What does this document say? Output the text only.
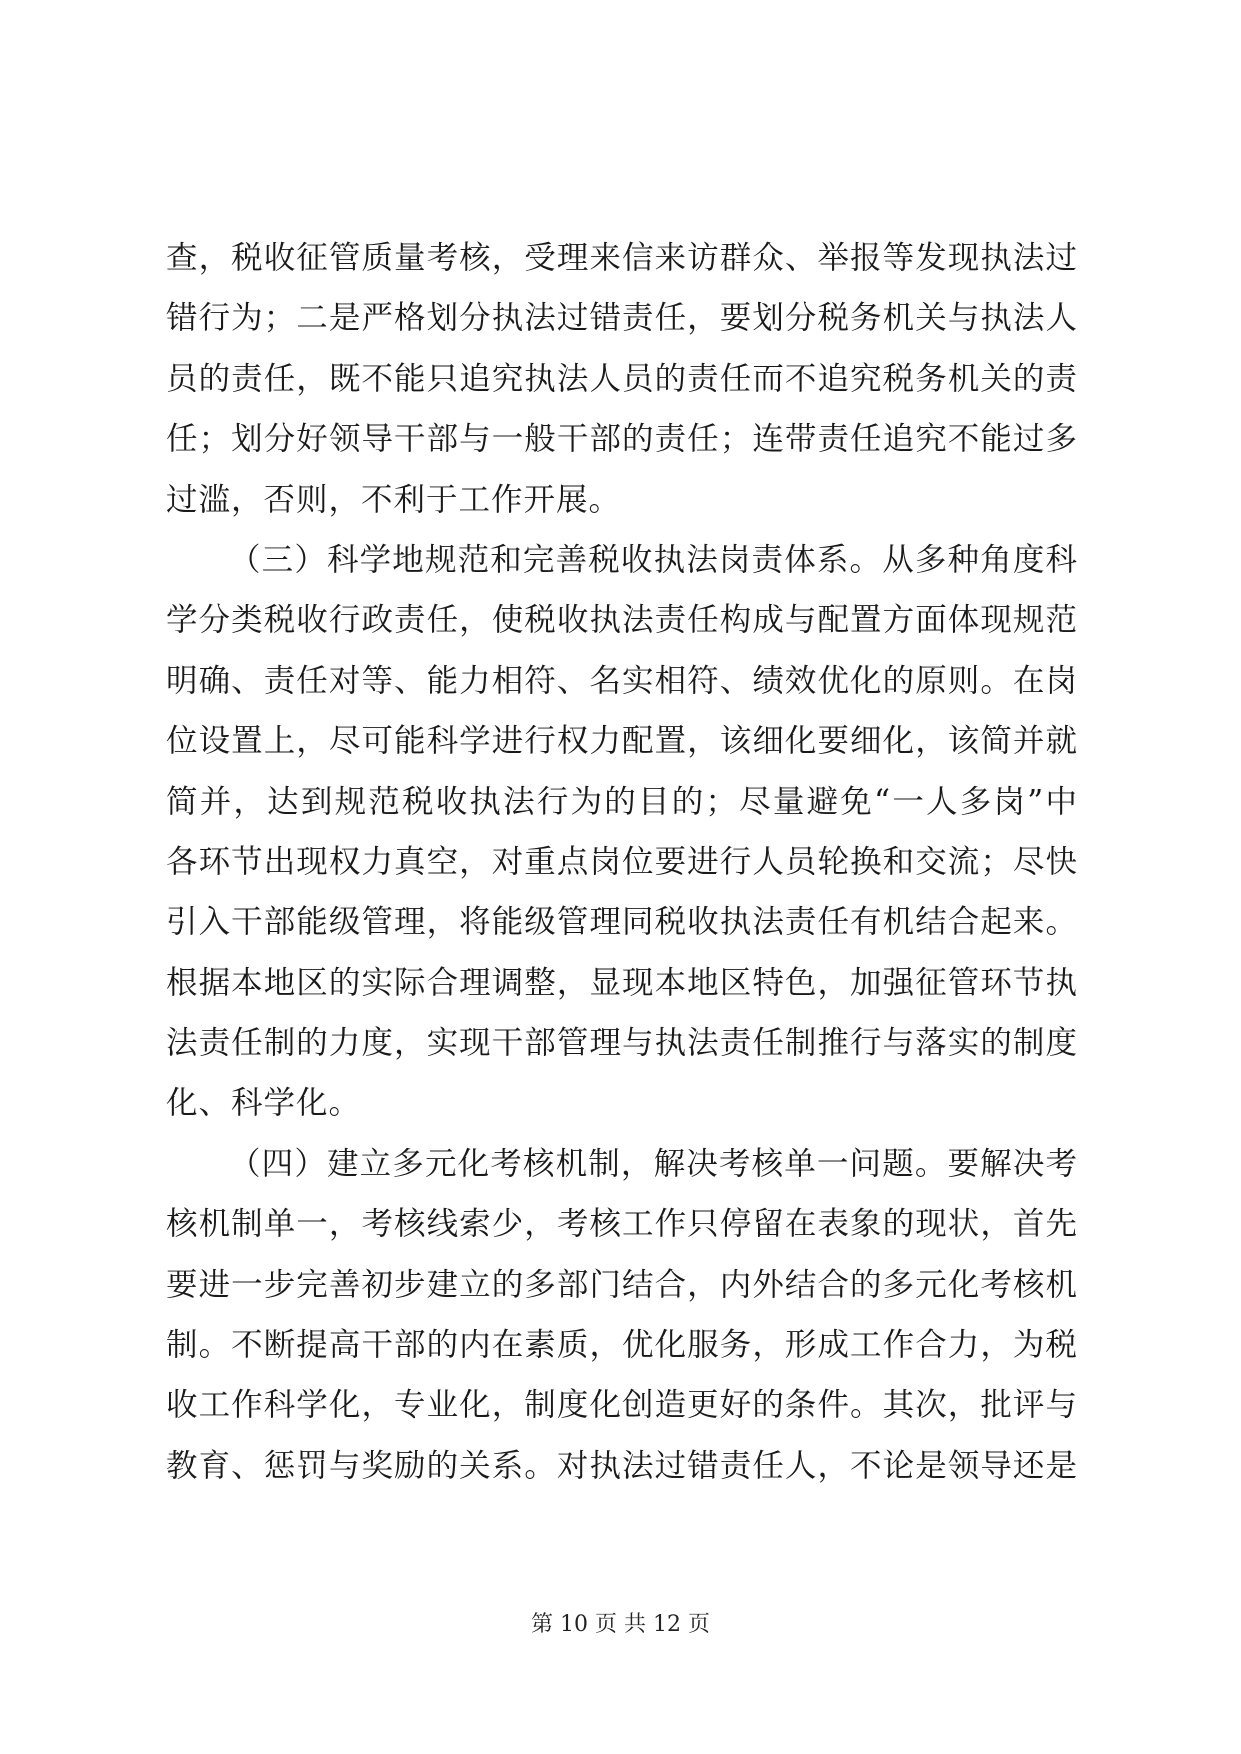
查，税收征管质量考核，受理来信来访群众、举报等发现执法过
错行为；二是严格划分执法过错责任，要划分税务机关与执法人
员的责任，既不能只追究执法人员的责任而不追究税务机关的责
任；划分好领导干部与一般干部的责任；连带责任追究不能过多
过滥，否则，不利于工作开展。
（三）科学地规范和完善税收执法岗责体系。从多种角度科
学分类税收行政责任，使税收执法责任构成与配置方面体现规范
明确、责任对等、能力相符、名实相符、绩效优化的原则。在岗
位设置上，尽可能科学进行权力配置，该细化要细化，该简并就
简并，达到规范税收执法行为的目的；尽量避免“一人多岗”中
各环节出现权力真空，对重点岗位要进行人员轮换和交流；尽快
引入干部能级管理，将能级管理同税收执法责任有机结合起来。
根据本地区的实际合理调整，显现本地区特色，加强征管环节执
法责任制的力度，实现干部管理与执法责任制推行与落实的制度
化、科学化。
（四）建立多元化考核机制，解决考核单一问题。要解决考
核机制单一，考核线索少，考核工作只停留在表象的现状，首先
要进一步完善初步建立的多部门结合，内外结合的多元化考核机
制。不断提高干部的内在素质，优化服务，形成工作合力，为税
收工作科学化，专业化，制度化创造更好的条件。其次，批评与
教育、惩罚与奖励的关系。对执法过错责任人，不论是领导还是
第 10 页 共 12 页
